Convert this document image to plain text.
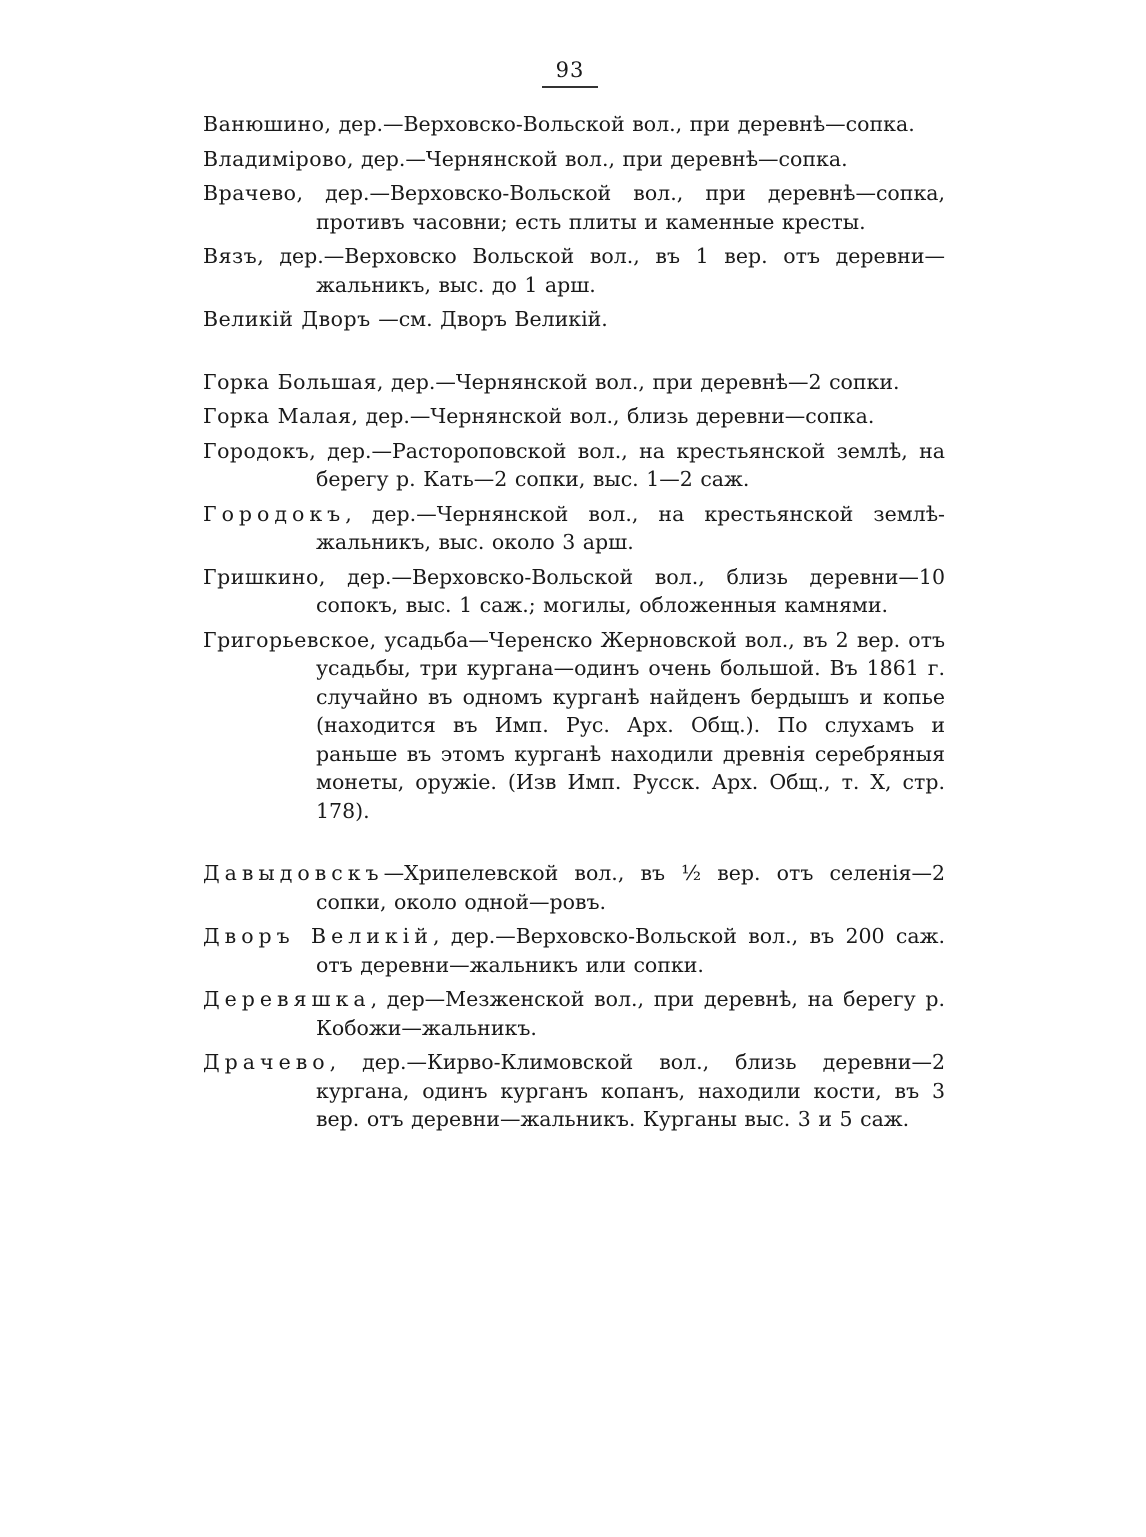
93

Ванюшино, дер.—Верховско-Вольской вол., при деревнѣ—сопка.

Владимірово, дер.—Чернянской вол., при деревнѣ—сопка.

Врачево, дер.—Верховско-Вольской вол., при деревнѣ—сопка, противъ часовни; есть плиты и каменные кресты.

Вязъ, дер.—Верховско Вольской вол., въ 1 вер. отъ деревни—жальникъ, выс. до 1 арш.

Великій Дворъ —см. Дворъ Великій.

Горка Большая, дер.—Чернянской вол., при деревнѣ—2 сопки.

Горка Малая, дер.—Чернянской вол., близь деревни—сопка.

Городокъ, дер.—Растороповской вол., на крестьянской землѣ, на берегу р. Кать—2 сопки, выс. 1—2 саж.

Городокъ, дер.—Чернянской вол., на крестьянской землѣ-жальникъ, выс. около 3 арш.

Гришкино, дер.—Верховско-Вольской вол., близь деревни—10 сопокъ, выс. 1 саж.; могилы, обложенныя камнями.

Григорьевское, усадьба—Черенско Жерновской вол., въ 2 вер. отъ усадьбы, три кургана—одинъ очень большой. Въ 1861 г. случайно въ одномъ курганѣ найденъ бердышъ и копье (находится въ Имп. Рус. Арх. Общ.). По слухамъ и раньше въ этомъ курганѣ находили древнія серебряныя монеты, оружіе. (Изв Имп. Русск. Арх. Общ., т. X, стр. 178).

Давыдовскъ—Хрипелевской вол., въ ½ вер. отъ селенія—2 сопки, около одной—ровъ.

Дворъ Великій, дер.—Верховско-Вольской вол., въ 200 саж. отъ деревни—жальникъ или сопки.

Деревяшка, дер—Мезженской вол., при деревнѣ, на берегу р. Кобожи—жальникъ.

Драчево, дер.—Кирво-Климовской вол., близь деревни—2 кургана, одинъ курганъ копанъ, находили кости, въ 3 вер. отъ деревни—жальникъ. Курганы выс. 3 и 5 саж.
